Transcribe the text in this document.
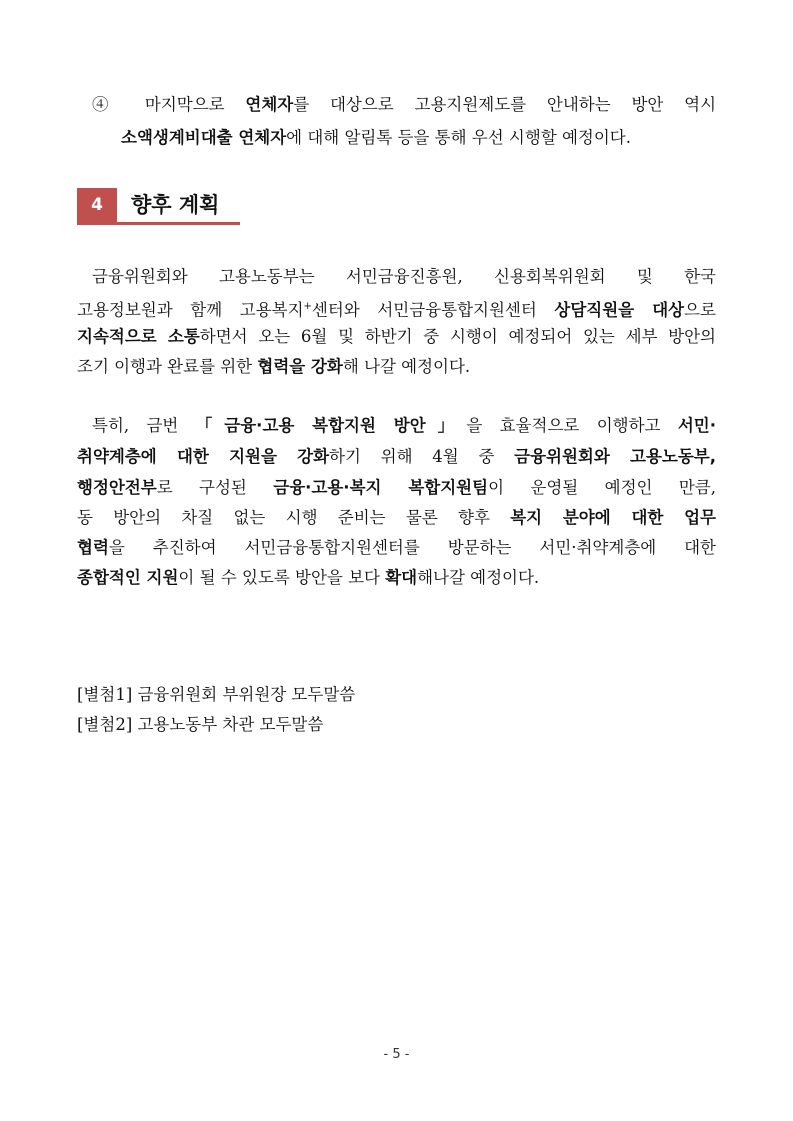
④ 마지막으로 연체자를 대상으로 고용지원제도를 안내하는 방안 역시
소액생계비대출 연체자에 대해 알림톡 등을 통해 우선 시행할 예정이다.
4	향후 계획
금융위원회와 고용노동부는 서민금융진흥원, 신용회복위원회 및 한국
고용정보원과 함께 고용복지+센터와 서민금융통합지원센터 상담직원을 대상으로
지속적으로 소통하면서 오는 6월 및 하반기 중 시행이 예정되어 있는 세부 방안의
조기 이행과 완료를 위한 협력을 강화해 나갈 예정이다.
특히, 금번 「금융·고용 복합지원 방안」을 효율적으로 이행하고 서민·
취약계층에 대한 지원을 강화하기 위해 4월 중 금융위원회와 고용노동부,
행정안전부로 구성된 금융·고용·복지 복합지원팀이 운영될 예정인 만큼,
동 방안의 차질 없는 시행 준비는 물론 향후 복지 분야에 대한 업무
협력을 추진하여 서민금융통합지원센터를 방문하는 서민·취약계층에 대한
종합적인 지원이 될 수 있도록 방안을 보다 확대해나갈 예정이다.
[별첨1] 금융위원회 부위원장 모두말씀
[별첨2] 고용노동부 차관 모두말씀
- 5 -
